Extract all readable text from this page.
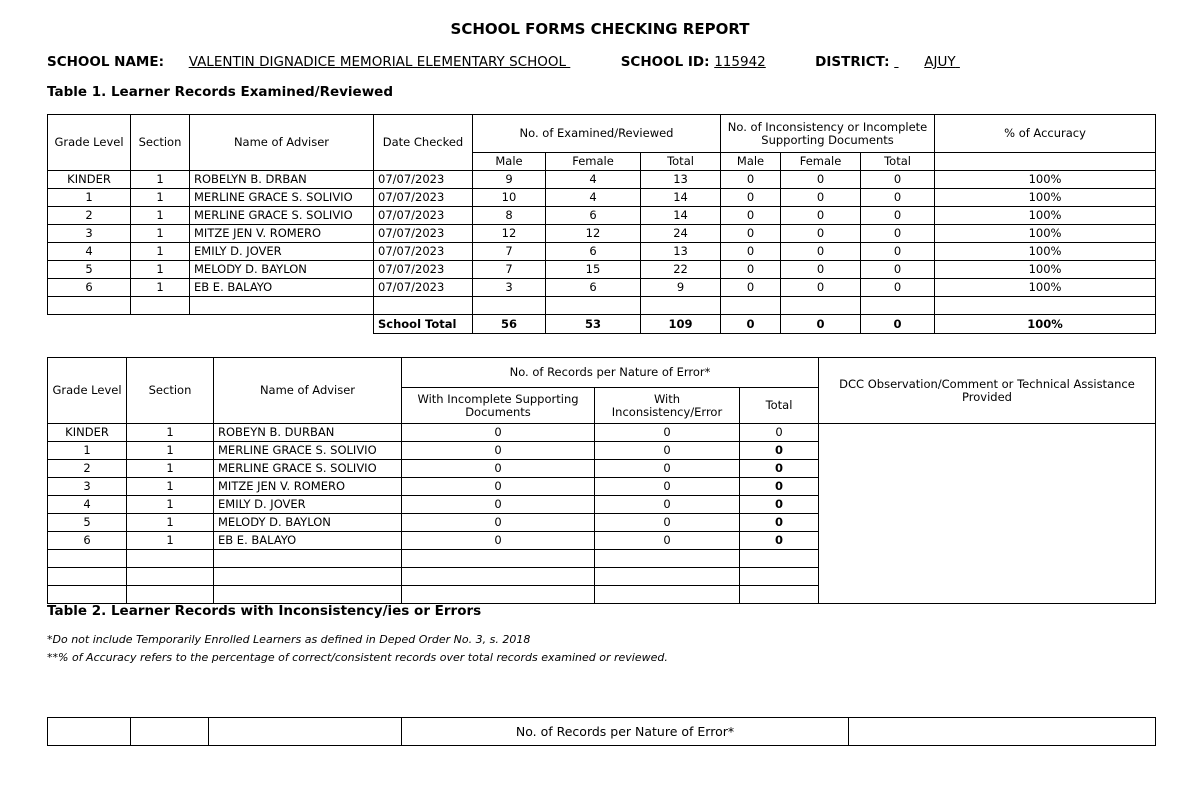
SCHOOL FORMS CHECKING REPORT
SCHOOL NAME: VALENTIN DIGNADICE MEMORIAL ELEMENTARY SCHOOL	SCHOOL ID: 115942	DISTRICT:	AJUY
Table 1. Learner Records Examined/Reviewed
Grade Level	Section	Name of Adviser	Date Checked	No. of Examined/Reviewed			No. of Inconsistency or Incomplete Supporting Documents			% of Accuracy
				Male	Female	Total	Male	Female	Total	
KINDER	1	ROBELYN B. DRBAN	07/07/2023	9	4	13	0	0	0	100%
1	1	MERLINE GRACE S. SOLIVIO	07/07/2023	10	4	14	0	0	0	100%
2	1	MERLINE GRACE S. SOLIVIO	07/07/2023	8	6	14	0	0	0	100%
3	1	MITZE JEN V. ROMERO	07/07/2023	12	12	24	0	0	0	100%
4	1	EMILY D. JOVER	07/07/2023	7	6	13	0	0	0	100%
5	1	MELODY D. BAYLON	07/07/2023	7	15	22	0	0	0	100%
6	1	EB E. BALAYO	07/07/2023	3	6	9	0	0	0	100%

			School Total	56	53	109	0	0	0	100%
Grade Level	Section	Name of Adviser	No. of Records per Nature of Error*			DCC Observation/Comment or Technical Assistance Provided
			With Incomplete Supporting Documents	With Inconsistency/Error	Total	
KINDER	1	ROBEYN B. DURBAN	0	0	0	
1	1	MERLINE GRACE S. SOLIVIO	0	0	0	
2	1	MERLINE GRACE S. SOLIVIO	0	0	0	
3	1	MITZE JEN V. ROMERO	0	0	0	
4	1	EMILY D. JOVER	0	0	0	
5	1	MELODY D. BAYLON	0	0	0	
6	1	EB E. BALAYO	0	0	0	

Table 2. Learner Records with Inconsistency/ies or Errors
*Do not include Temporarily Enrolled Learners as defined in Deped Order No. 3, s. 2018
**% of Accuracy refers to the percentage of correct/consistent records over total records examined or reviewed.
			No. of Records per Nature of Error*	
